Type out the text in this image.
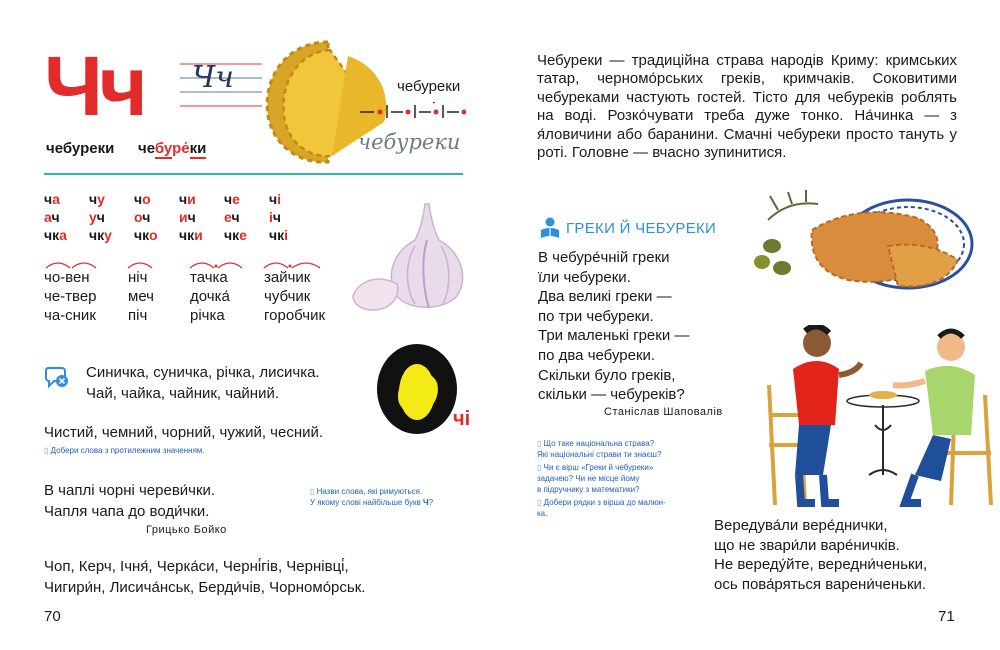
Чч Чч
чебуреки чебуре́ки
чебуреки
чебуреки
ча
ач
чка
чу
уч
чку
чо
оч
чко
чи
ич
чки
че
еч
чке
чі
іч
чкі
чо-вен
че-твер
ча-сник
ніч
меч
піч
тачка
дочка́
річка
зайчик
чубчик
горобчик
Синичка, суничка, річка, лисичка.
Чай, чайка, чайник, чайний.	О чі
Чистий, чемний, чорний, чужий, чесний.
▯ Добери слова з протилежним значенням.
В чаплі чорні череви́чки.
Чапля чапа до води́чки.
Грицько Бойко
▯ Назви слова, які римуються.
У якому слові найбільше букв Ч?
Чоп, Керч, Ічня́, Черка́си, Черні́гів, Чернівці́,
Чигири́н, Лисича́нськ, Берди́чів, Чорномо́рськ.
70
Чебуреки — традиційна страва народів Криму: кримських татар, черномо́рських греків, кримчаків. Соковитими чебуреками частують гостей. Тісто для чебуреків роблять на воді. Розко́чувати треба дуже тонко. На́чинка — з я́ловичини або баранини. Смачні чебуреки просто тануть у роті. Головне — вчасно зупинитися.
ГРЕКИ Й ЧЕБУРЕКИ
В чебуре́чній греки
їли чебуреки.
Два великі греки —
по три чебуреки.
Три маленькі греки —
по два чебуреки.
Скільки було греків,
скільки — чебуреків?
Станіслав Шаповалів
▯ Що таке національна страва?
Які національні страви ти знаєш?
▯ Чи є вірш «Греки й чебуреки»
задачею? Чи не місце йому
в підручнику з математики?
▯ Добери рядки з вірша до малюн-
ка.
Вередува́ли вере́днички,
що не звари́ли варе́ничків.
Не вереду́йте, вередни́ченьки,
ось пова́ряться варени́ченьки.
71
